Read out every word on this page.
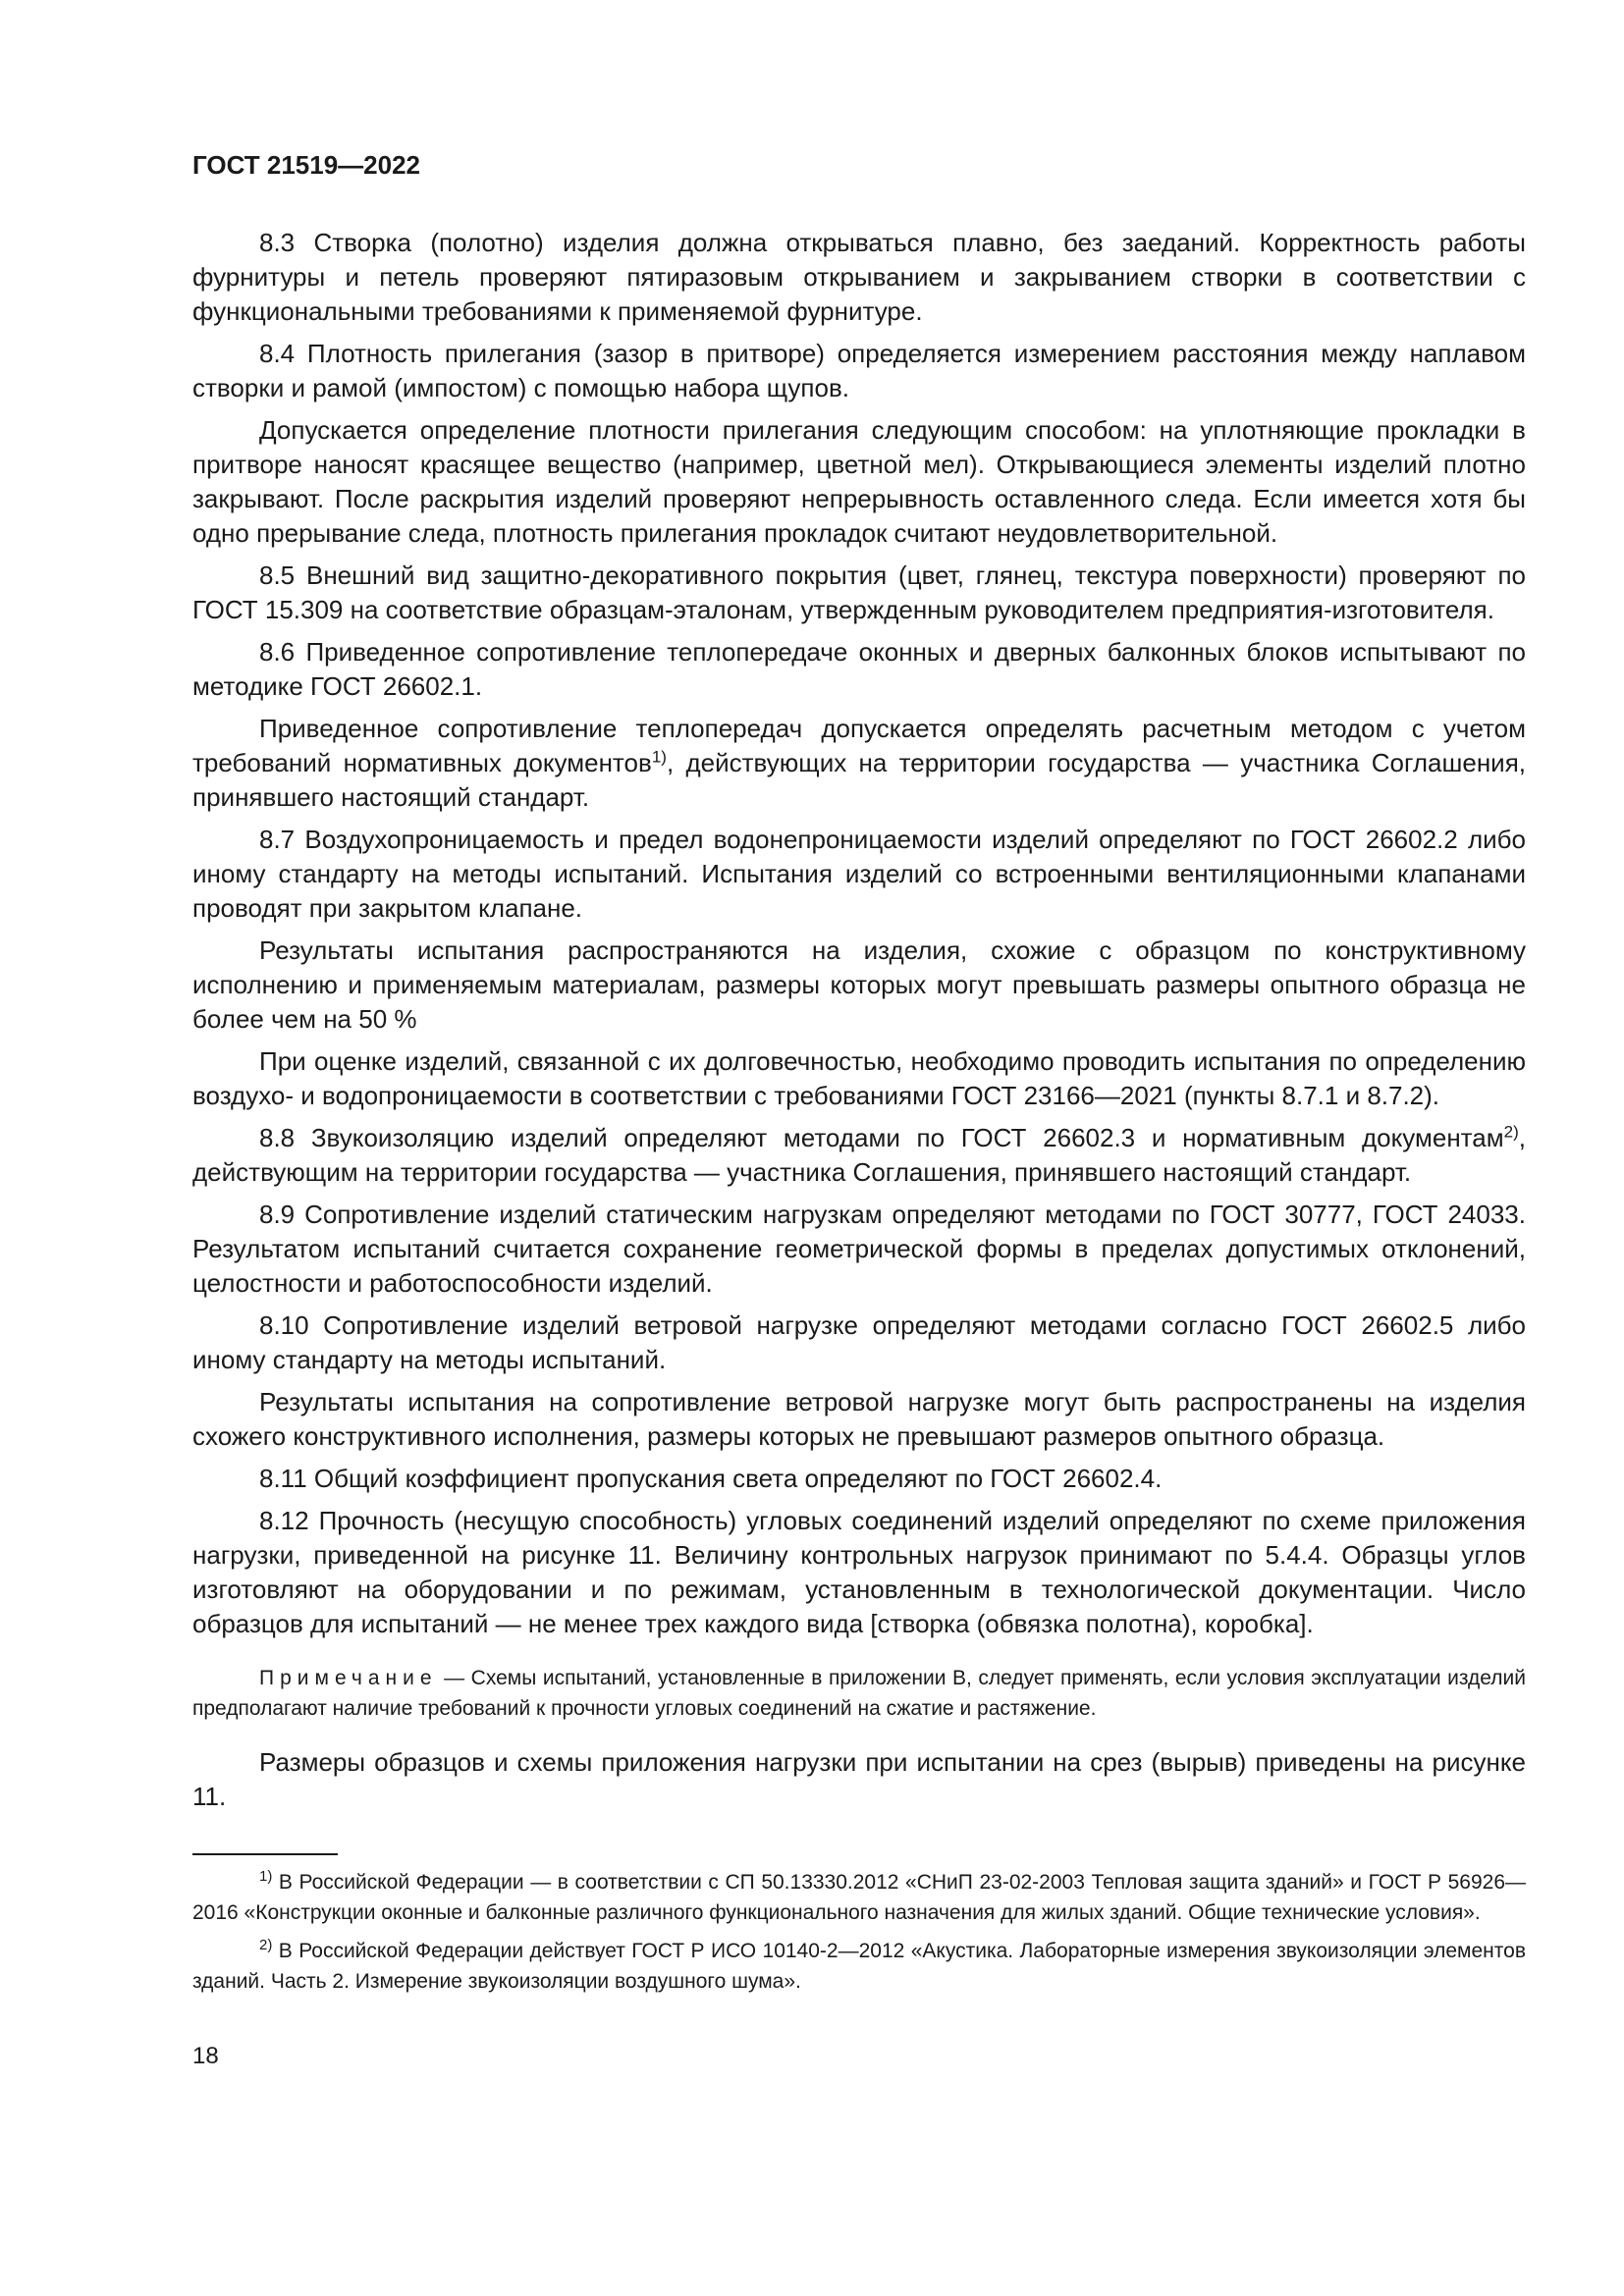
ГОСТ 21519—2022

8.3 Створка (полотно) изделия должна открываться плавно, без заеданий. Корректность работы фурнитуры и петель проверяют пятиразовым открыванием и закрыванием створки в соответствии с функциональными требованиями к применяемой фурнитуре.

8.4 Плотность прилегания (зазор в притворе) определяется измерением расстояния между наплавом створки и рамой (импостом) с помощью набора щупов.

Допускается определение плотности прилегания следующим способом: на уплотняющие прокладки в притворе наносят красящее вещество (например, цветной мел). Открывающиеся элементы изделий плотно закрывают. После раскрытия изделий проверяют непрерывность оставленного следа. Если имеется хотя бы одно прерывание следа, плотность прилегания прокладок считают неудовлетворительной.

8.5 Внешний вид защитно-декоративного покрытия (цвет, глянец, текстура поверхности) проверяют по ГОСТ 15.309 на соответствие образцам-эталонам, утвержденным руководителем предприятия-изготовителя.

8.6 Приведенное сопротивление теплопередаче оконных и дверных балконных блоков испытывают по методике ГОСТ 26602.1.

Приведенное сопротивление теплопередач допускается определять расчетным методом с учетом требований нормативных документов$^{1)}$, действующих на территории государства — участника Соглашения, принявшего настоящий стандарт.

8.7 Воздухопроницаемость и предел водонепроницаемости изделий определяют по ГОСТ 26602.2 либо иному стандарту на методы испытаний. Испытания изделий со встроенными вентиляционными клапанами проводят при закрытом клапане.

Результаты испытания распространяются на изделия, схожие с образцом по конструктивному исполнению и применяемым материалам, размеры которых могут превышать размеры опытного образца не более чем на 50 %

При оценке изделий, связанной с их долговечностью, необходимо проводить испытания по определению воздухо- и водопроницаемости в соответствии с требованиями ГОСТ 23166—2021 (пункты 8.7.1 и 8.7.2).

8.8 Звукоизоляцию изделий определяют методами по ГОСТ 26602.3 и нормативным документам$^{2)}$, действующим на территории государства — участника Соглашения, принявшего настоящий стандарт.

8.9 Сопротивление изделий статическим нагрузкам определяют методами по ГОСТ 30777, ГОСТ 24033. Результатом испытаний считается сохранение геометрической формы в пределах допустимых отклонений, целостности и работоспособности изделий.

8.10 Сопротивление изделий ветровой нагрузке определяют методами согласно ГОСТ 26602.5 либо иному стандарту на методы испытаний.

Результаты испытания на сопротивление ветровой нагрузке могут быть распространены на изделия схожего конструктивного исполнения, размеры которых не превышают размеров опытного образца.

8.11 Общий коэффициент пропускания света определяют по ГОСТ 26602.4.

8.12 Прочность (несущую способность) угловых соединений изделий определяют по схеме приложения нагрузки, приведенной на рисунке 11. Величину контрольных нагрузок принимают по 5.4.4. Образцы углов изготовляют на оборудовании и по режимам, установленным в технологической документации. Число образцов для испытаний — не менее трех каждого вида [створка (обвязка полотна), коробка].

Примечание — Схемы испытаний, установленные в приложении В, следует применять, если условия эксплуатации изделий предполагают наличие требований к прочности угловых соединений на сжатие и растяжение.

Размеры образцов и схемы приложения нагрузки при испытании на срез (вырыв) приведены на рисунке 11.

$^{1)}$ В Российской Федерации — в соответствии с СП 50.13330.2012 «СНиП 23-02-2003 Тепловая защита зданий» и ГОСТ Р 56926—2016 «Конструкции оконные и балконные различного функционального назначения для жилых зданий. Общие технические условия».

$^{2)}$ В Российской Федерации действует ГОСТ Р ИСО 10140-2—2012 «Акустика. Лабораторные измерения звукоизоляции элементов зданий. Часть 2. Измерение звукоизоляции воздушного шума».

18
